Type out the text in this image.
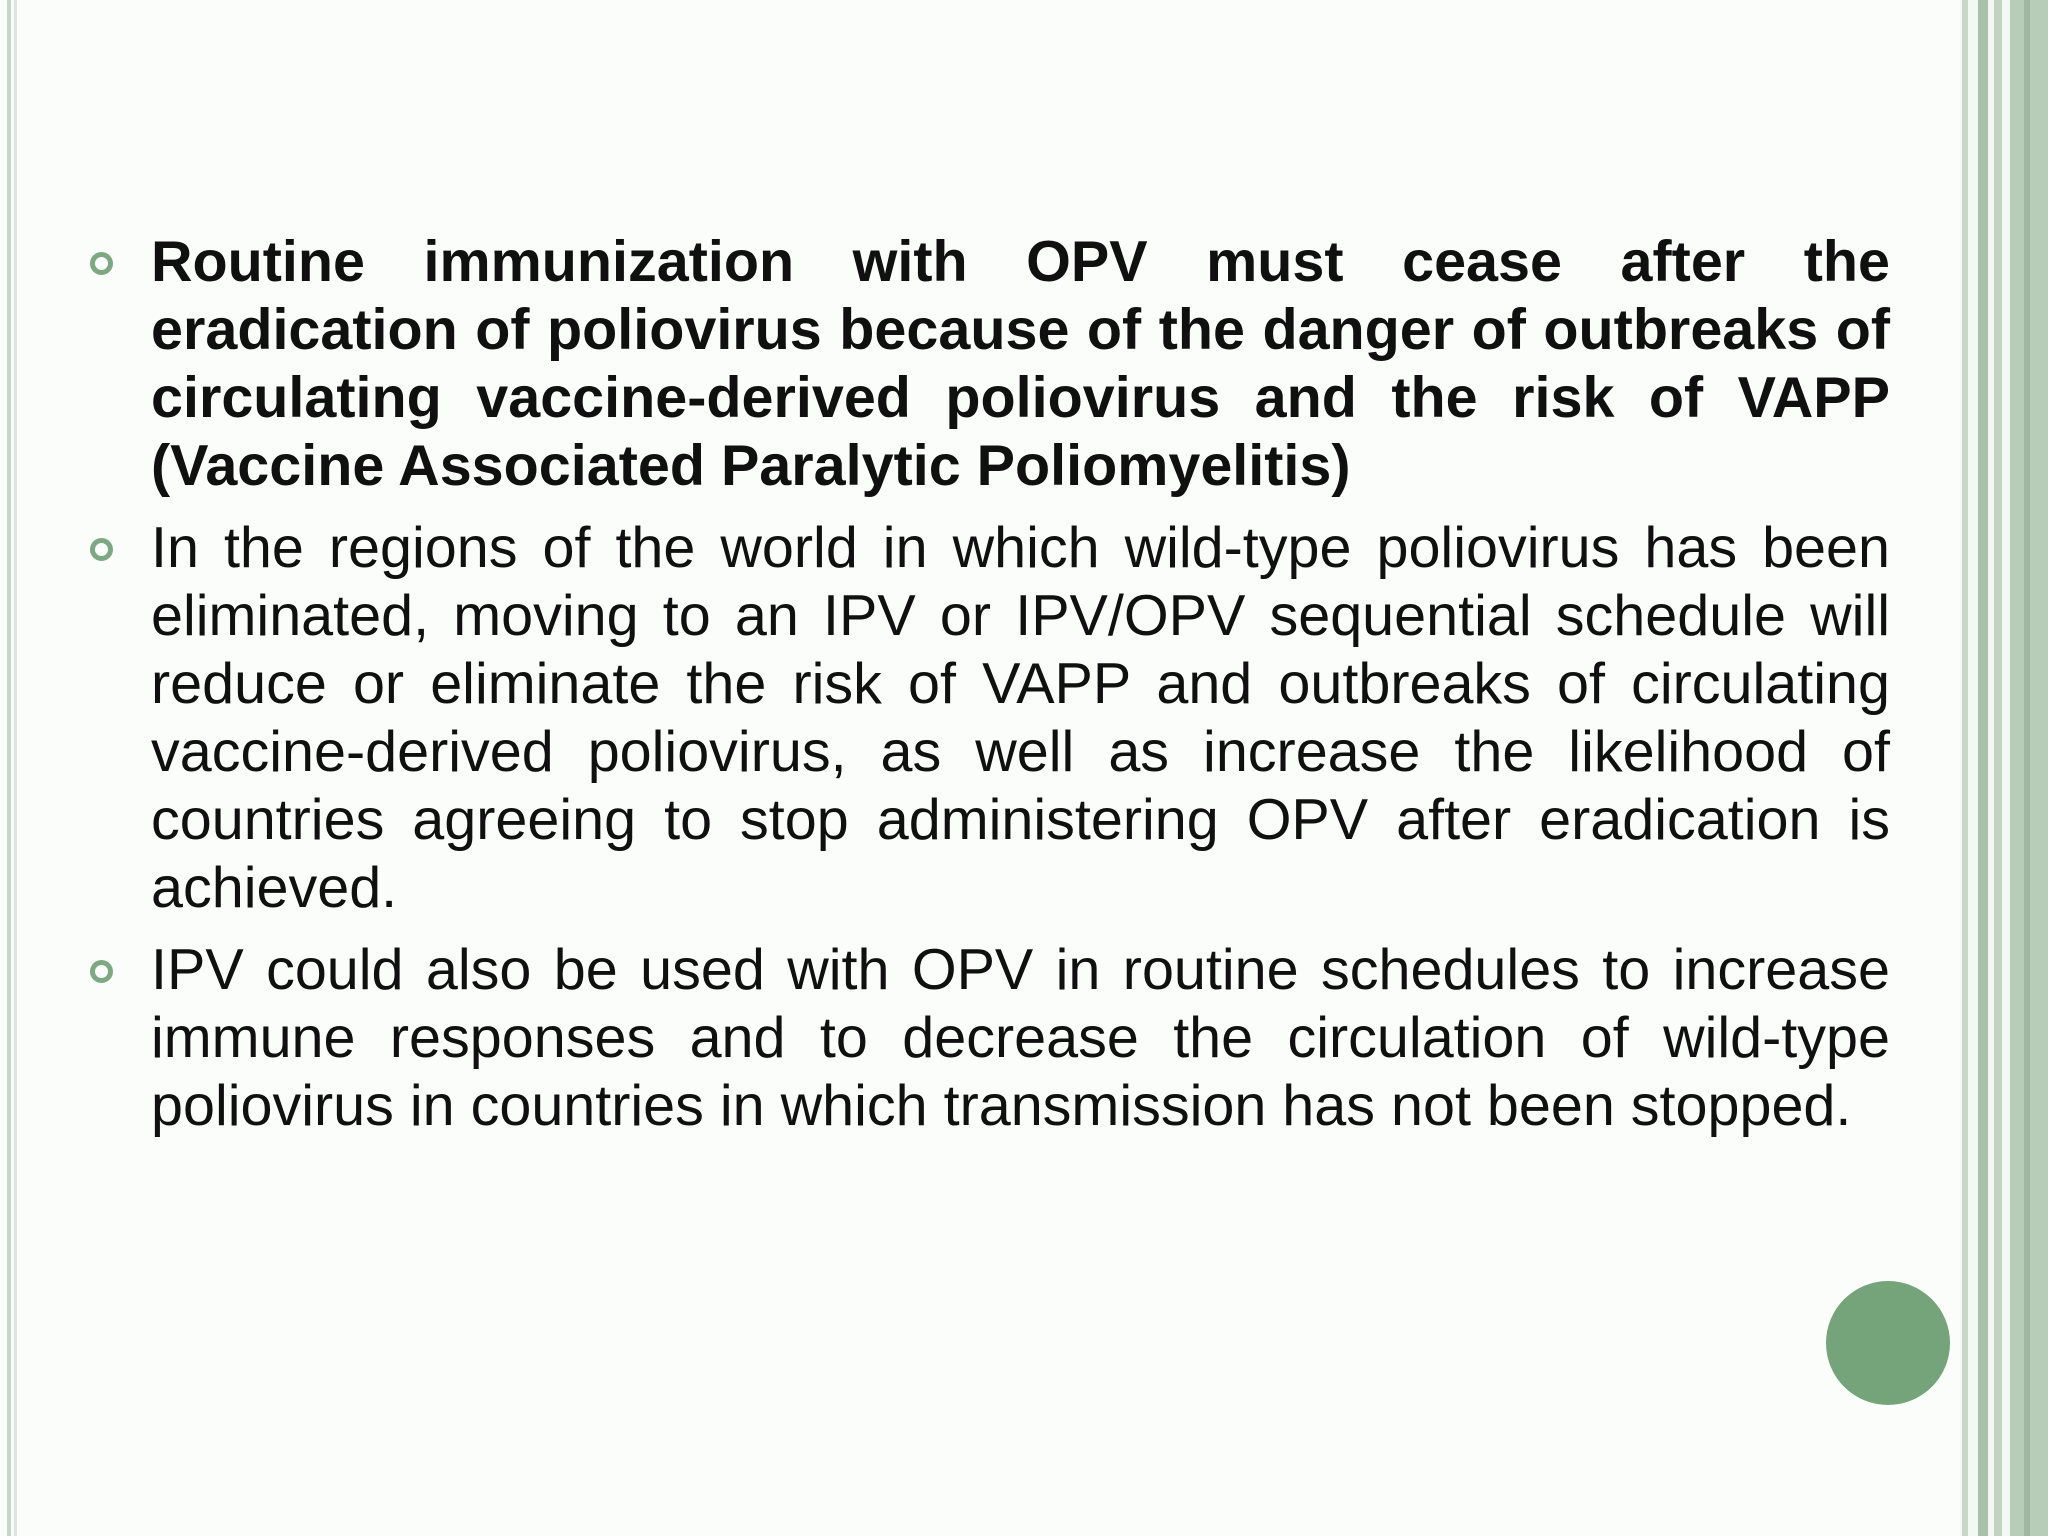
Routine immunization with OPV must cease after the eradication of poliovirus because of the danger of outbreaks of circulating vaccine-derived poliovirus and the risk of VAPP (Vaccine Associated Paralytic Poliomyelitis)
In the regions of the world in which wild-type poliovirus has been eliminated, moving to an IPV or IPV/OPV sequential schedule will reduce or eliminate the risk of VAPP and outbreaks of circulating vaccine-derived poliovirus, as well as increase the likelihood of countries agreeing to stop administering OPV after eradication is achieved.
IPV could also be used with OPV in routine schedules to increase immune responses and to decrease the circulation of wild-type poliovirus in countries in which transmission has not been stopped.
